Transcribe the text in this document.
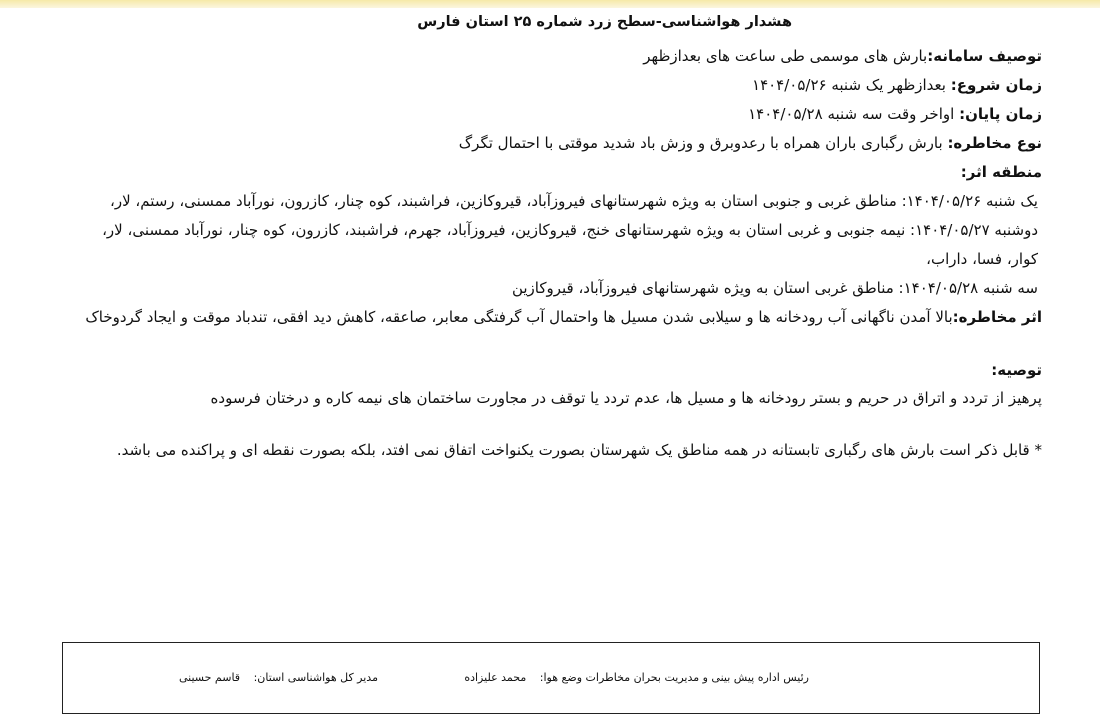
هشدار هواشناسی-سطح زرد شماره ۲۵ استان فارس
توصیف سامانه:بارش های موسمی طی ساعت های بعدازظهر
زمان شروع: بعدازظهر یک شنبه ۱۴۰۴/۰۵/۲۶
زمان پایان: اواخر وقت سه شنبه ۱۴۰۴/۰۵/۲۸
نوع مخاطره: بارش رگباری باران همراه با رعدوبرق و وزش باد شدید موقتی با احتمال تگرگ
منطقه اثر:
یک شنبه ۱۴۰۴/۰۵/۲۶: مناطق غربی و جنوبی استان به ویژه شهرستانهای فیروزآباد، قیروکازین، فراشبند، کوه چنار، کازرون، نورآباد ممسنی، رستم، لار،
دوشنبه ۱۴۰۴/۰۵/۲۷: نیمه جنوبی و غربی استان به ویژه شهرستانهای خنج، قیروکازین، فیروزآباد، جهرم، فراشبند، کازرون، کوه چنار، نورآباد ممسنی، لار، کوار، فسا، داراب،
سه شنبه ۱۴۰۴/۰۵/۲۸: مناطق غربی استان به ویژه شهرستانهای فیروزآباد، قیروکازین
اثر مخاطره:بالا آمدن ناگهانی آب رودخانه ها و سیلابی شدن مسیل ها واحتمال آب گرفتگی معابر، صاعقه، کاهش دید افقی، تندباد موقت و ایجاد گردوخاک
توصیه:
پرهیز از تردد و اتراق در حریم و بستر رودخانه ها و مسیل ها، عدم تردد یا توقف در مجاورت ساختمان های نیمه کاره و درختان فرسوده
* قابل ذکر است بارش های رگباری تابستانه در همه مناطق یک شهرستان بصورت یکنواخت اتفاق نمی افتد، بلکه بصورت نقطه ای و پراکنده می باشد.
رئیس اداره پیش بینی و مدیریت بحران مخاطرات وضع هوا: محمد علیزاده
مدیر کل هواشناسی استان: قاسم حسینی
